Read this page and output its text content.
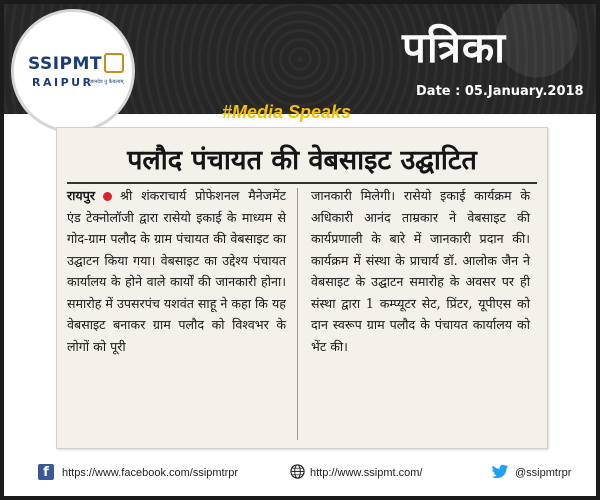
SSIPMT
RAIPUR
ज्ञानदेव तु कैवल्यम्
पत्रिका
Date : 05.January.2018
#Media Speaks
पलौद पंचायत की वेबसाइट उद्घाटित
रायपुर श्री शंकराचार्य प्रोफेशनल मैनेजमेंट एंड टेक्नोलॉजी द्वारा रासेयो इकाई के माध्यम से गोद-ग्राम पलौद के ग्राम पंचायत की वेबसाइट का उद्घाटन किया गया। वेबसाइट का उद्देश्य पंचायत कार्यालय के होने वाले कार्यों की जानकारी होना। समारोह में उपसरपंच यशवंत साहू ने कहा कि यह वेबसाइट बनाकर ग्राम पलौद को विश्वभर के लोगों को पूरी
जानकारी मिलेगी। रासेयो इकाई कार्यक्रम के अधिकारी आनंद ताम्रकार ने वेबसाइट की कार्यप्रणाली के बारे में जानकारी प्रदान की। कार्यक्रम में संस्था के प्राचार्य डॉ. आलोक जैन ने वेबसाइट के उद्घाटन समारोह के अवसर पर ही संस्था द्वारा 1 कम्प्यूटर सेट, प्रिंटर, यूपीएस को दान स्वरूप ग्राम पलौद के पंचायत कार्यालय को भेंट की।
f	https://www.facebook.com/ssipmtrpr	http://www.ssipmt.com/	@ssipmtrpr
